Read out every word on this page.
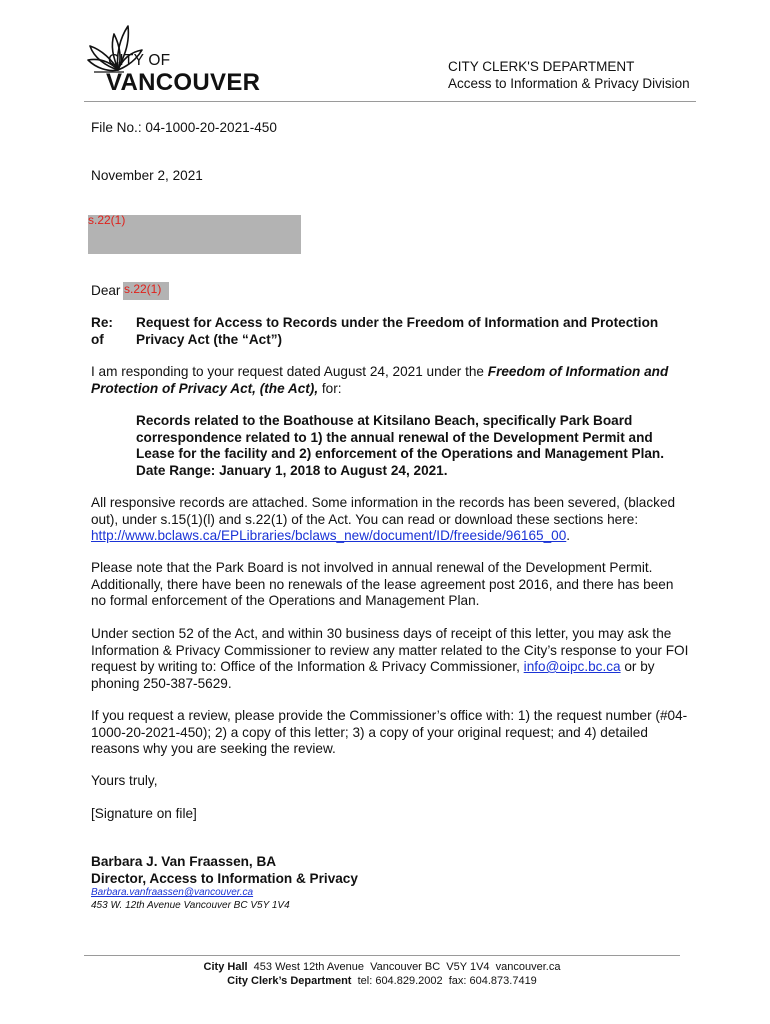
CITY OF
VANCOUVER
CITY CLERK'S DEPARTMENT
Access to Information & Privacy Division
File No.: 04-1000-20-2021-450
November 2, 2021
s.22(1)
Dear s.22(1)
Re:
of
Request for Access to Records under the Freedom of Information and Protection Privacy Act (the “Act”)
I am responding to your request dated August 24, 2021 under the Freedom of Information and Protection of Privacy Act, (the Act), for:
Records related to the Boathouse at Kitsilano Beach, specifically Park Board correspondence related to 1) the annual renewal of the Development Permit and Lease for the facility and 2) enforcement of the Operations and Management Plan. Date Range: January 1, 2018 to August 24, 2021.
All responsive records are attached. Some information in the records has been severed, (blacked out), under s.15(1)(l) and s.22(1) of the Act. You can read or download these sections here: http://www.bclaws.ca/EPLibraries/bclaws_new/document/ID/freeside/96165_00.
Please note that the Park Board is not involved in annual renewal of the Development Permit. Additionally, there have been no renewals of the lease agreement post 2016, and there has been no formal enforcement of the Operations and Management Plan.
Under section 52 of the Act, and within 30 business days of receipt of this letter, you may ask the Information & Privacy Commissioner to review any matter related to the City’s response to your FOI request by writing to: Office of the Information & Privacy Commissioner, info@oipc.bc.ca or by phoning 250-387-5629.
If you request a review, please provide the Commissioner’s office with: 1) the request number (#04-1000-20-2021-450); 2) a copy of this letter; 3) a copy of your original request; and 4) detailed reasons why you are seeking the review.
Yours truly,
[Signature on file]
Barbara J. Van Fraassen, BA
Director, Access to Information & Privacy
Barbara.vanfraassen@vancouver.ca
453 W. 12th Avenue Vancouver BC V5Y 1V4
City Hall  453 West 12th Avenue  Vancouver BC  V5Y 1V4  vancouver.ca
City Clerk’s Department  tel: 604.829.2002  fax: 604.873.7419
